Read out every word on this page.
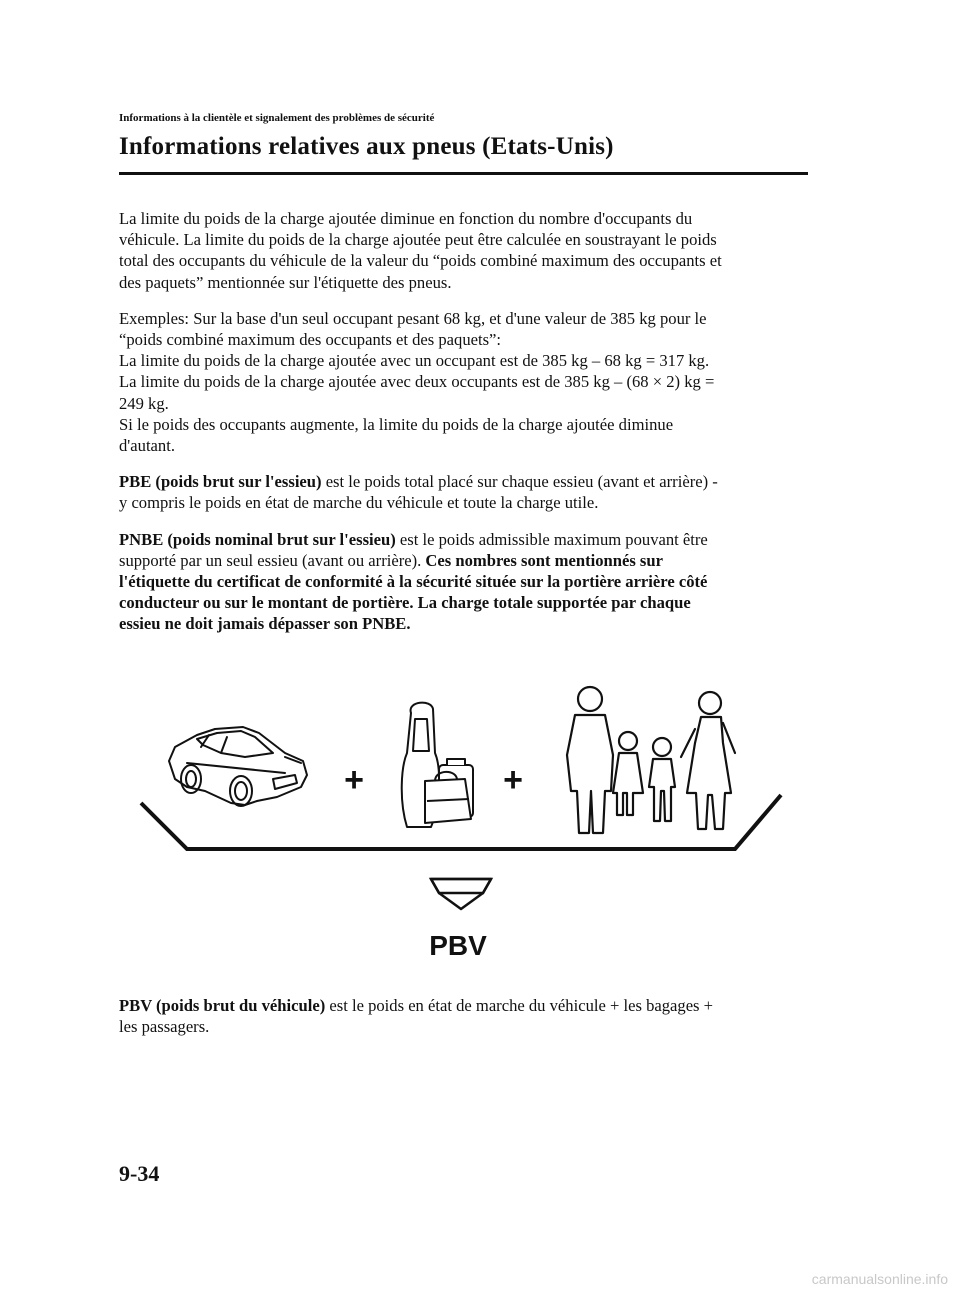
Informations à la clientèle et signalement des problèmes de sécurité
Informations relatives aux pneus (Etats-Unis)

La limite du poids de la charge ajoutée diminue en fonction du nombre d'occupants du
véhicule. La limite du poids de la charge ajoutée peut être calculée en soustrayant le poids
total des occupants du véhicule de la valeur du “poids combiné maximum des occupants et
des paquets” mentionnée sur l'étiquette des pneus.

Exemples: Sur la base d'un seul occupant pesant 68 kg, et d'une valeur de 385 kg pour le
“poids combiné maximum des occupants et des paquets”:
La limite du poids de la charge ajoutée avec un occupant est de 385 kg – 68 kg = 317 kg.
La limite du poids de la charge ajoutée avec deux occupants est de 385 kg – (68 × 2) kg =
249 kg.
Si le poids des occupants augmente, la limite du poids de la charge ajoutée diminue
d'autant.

PBE (poids brut sur l'essieu) est le poids total placé sur chaque essieu (avant et arrière) -
y compris le poids en état de marche du véhicule et toute la charge utile.

PNBE (poids nominal brut sur l'essieu) est le poids admissible maximum pouvant être
supporté par un seul essieu (avant ou arrière). Ces nombres sont mentionnés sur
l'étiquette du certificat de conformité à la sécurité située sur la portière arrière côté
conducteur ou sur le montant de portière. La charge totale supportée par chaque
essieu ne doit jamais dépasser son PNBE.

+	+
PBV
PBV (poids brut du véhicule) est le poids en état de marche du véhicule + les bagages +
les passagers.
9-34
carmanualsonline.info
